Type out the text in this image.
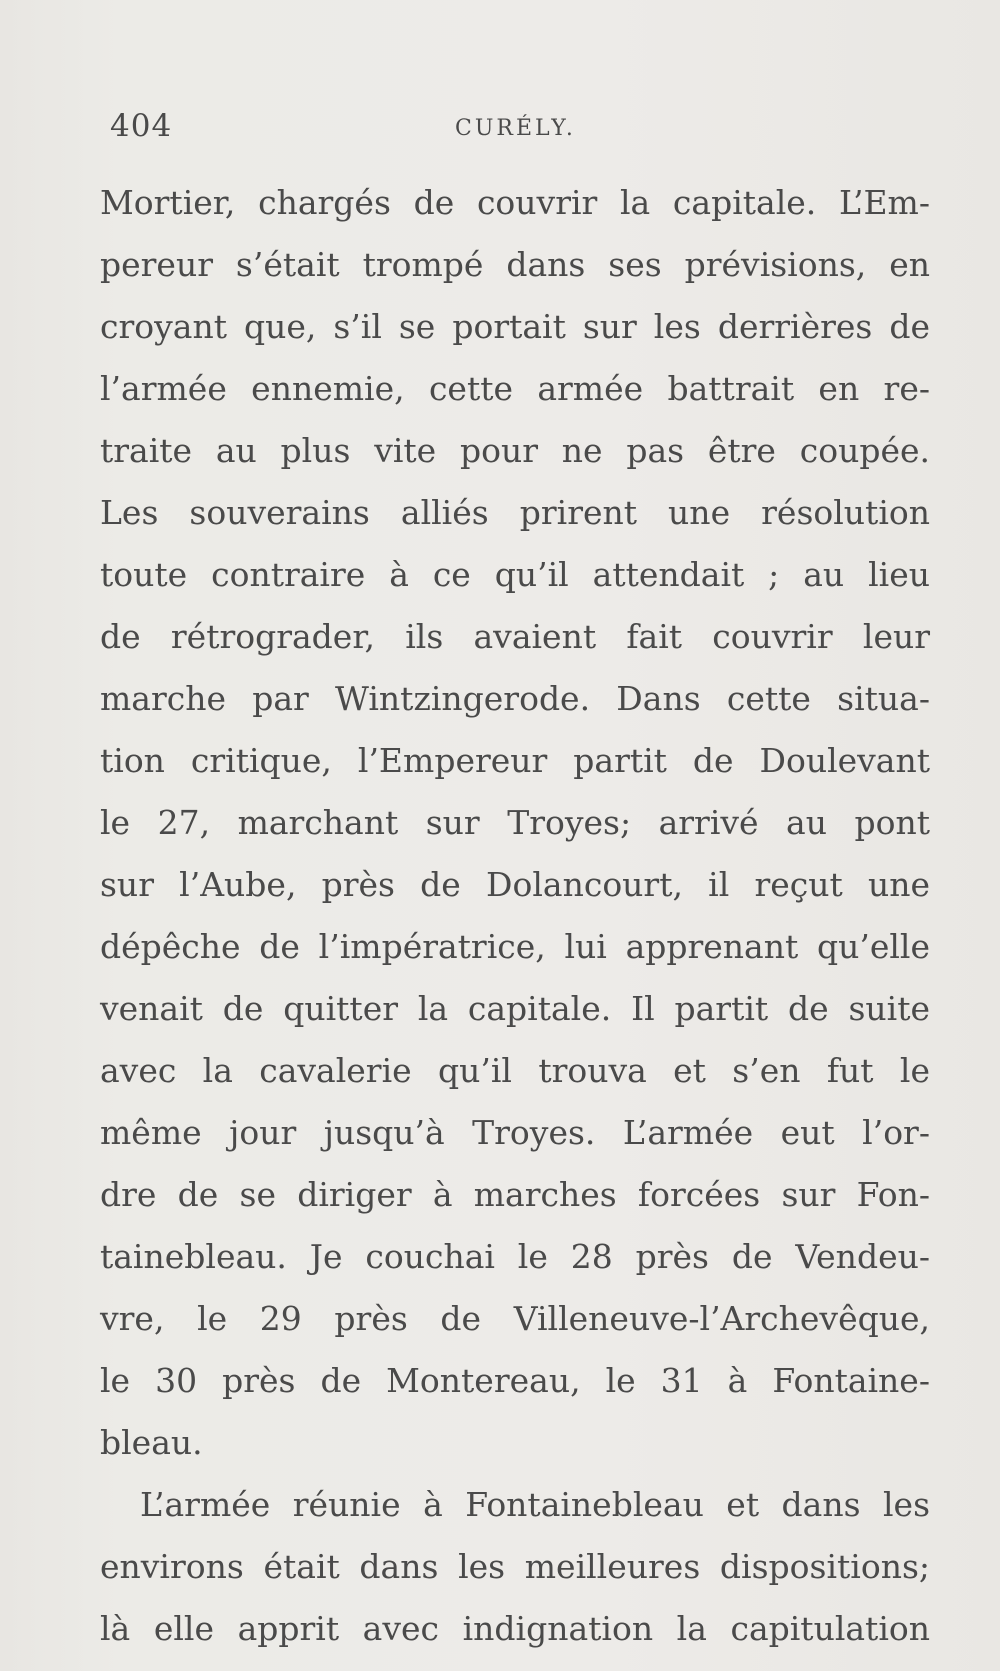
404	CURÉLY.
Mortier, chargés de couvrir la capitale. L’Em-
pereur s’était trompé dans ses prévisions, en
croyant que, s’il se portait sur les derrières de
l’armée ennemie, cette armée battrait en re-
traite au plus vite pour ne pas être coupée.
Les souverains alliés prirent une résolution
toute contraire à ce qu’il attendait ; au lieu
de rétrograder, ils avaient fait couvrir leur
marche par Wintzingerode. Dans cette situa-
tion critique, l’Empereur partit de Doulevant
le 27, marchant sur Troyes; arrivé au pont
sur l’Aube, près de Dolancourt, il reçut une
dépêche de l’impératrice, lui apprenant qu’elle
venait de quitter la capitale. Il partit de suite
avec la cavalerie qu’il trouva et s’en fut le
même jour jusqu’à Troyes. L’armée eut l’or-
dre de se diriger à marches forcées sur Fon-
tainebleau. Je couchai le 28 près de Vendeu-
vre, le 29 près de Villeneuve-l’Archevêque,
le 30 près de Montereau, le 31 à Fontaine-
bleau.
L’armée réunie à Fontainebleau et dans les
environs était dans les meilleures dispositions;
là elle apprit avec indignation la capitulation
